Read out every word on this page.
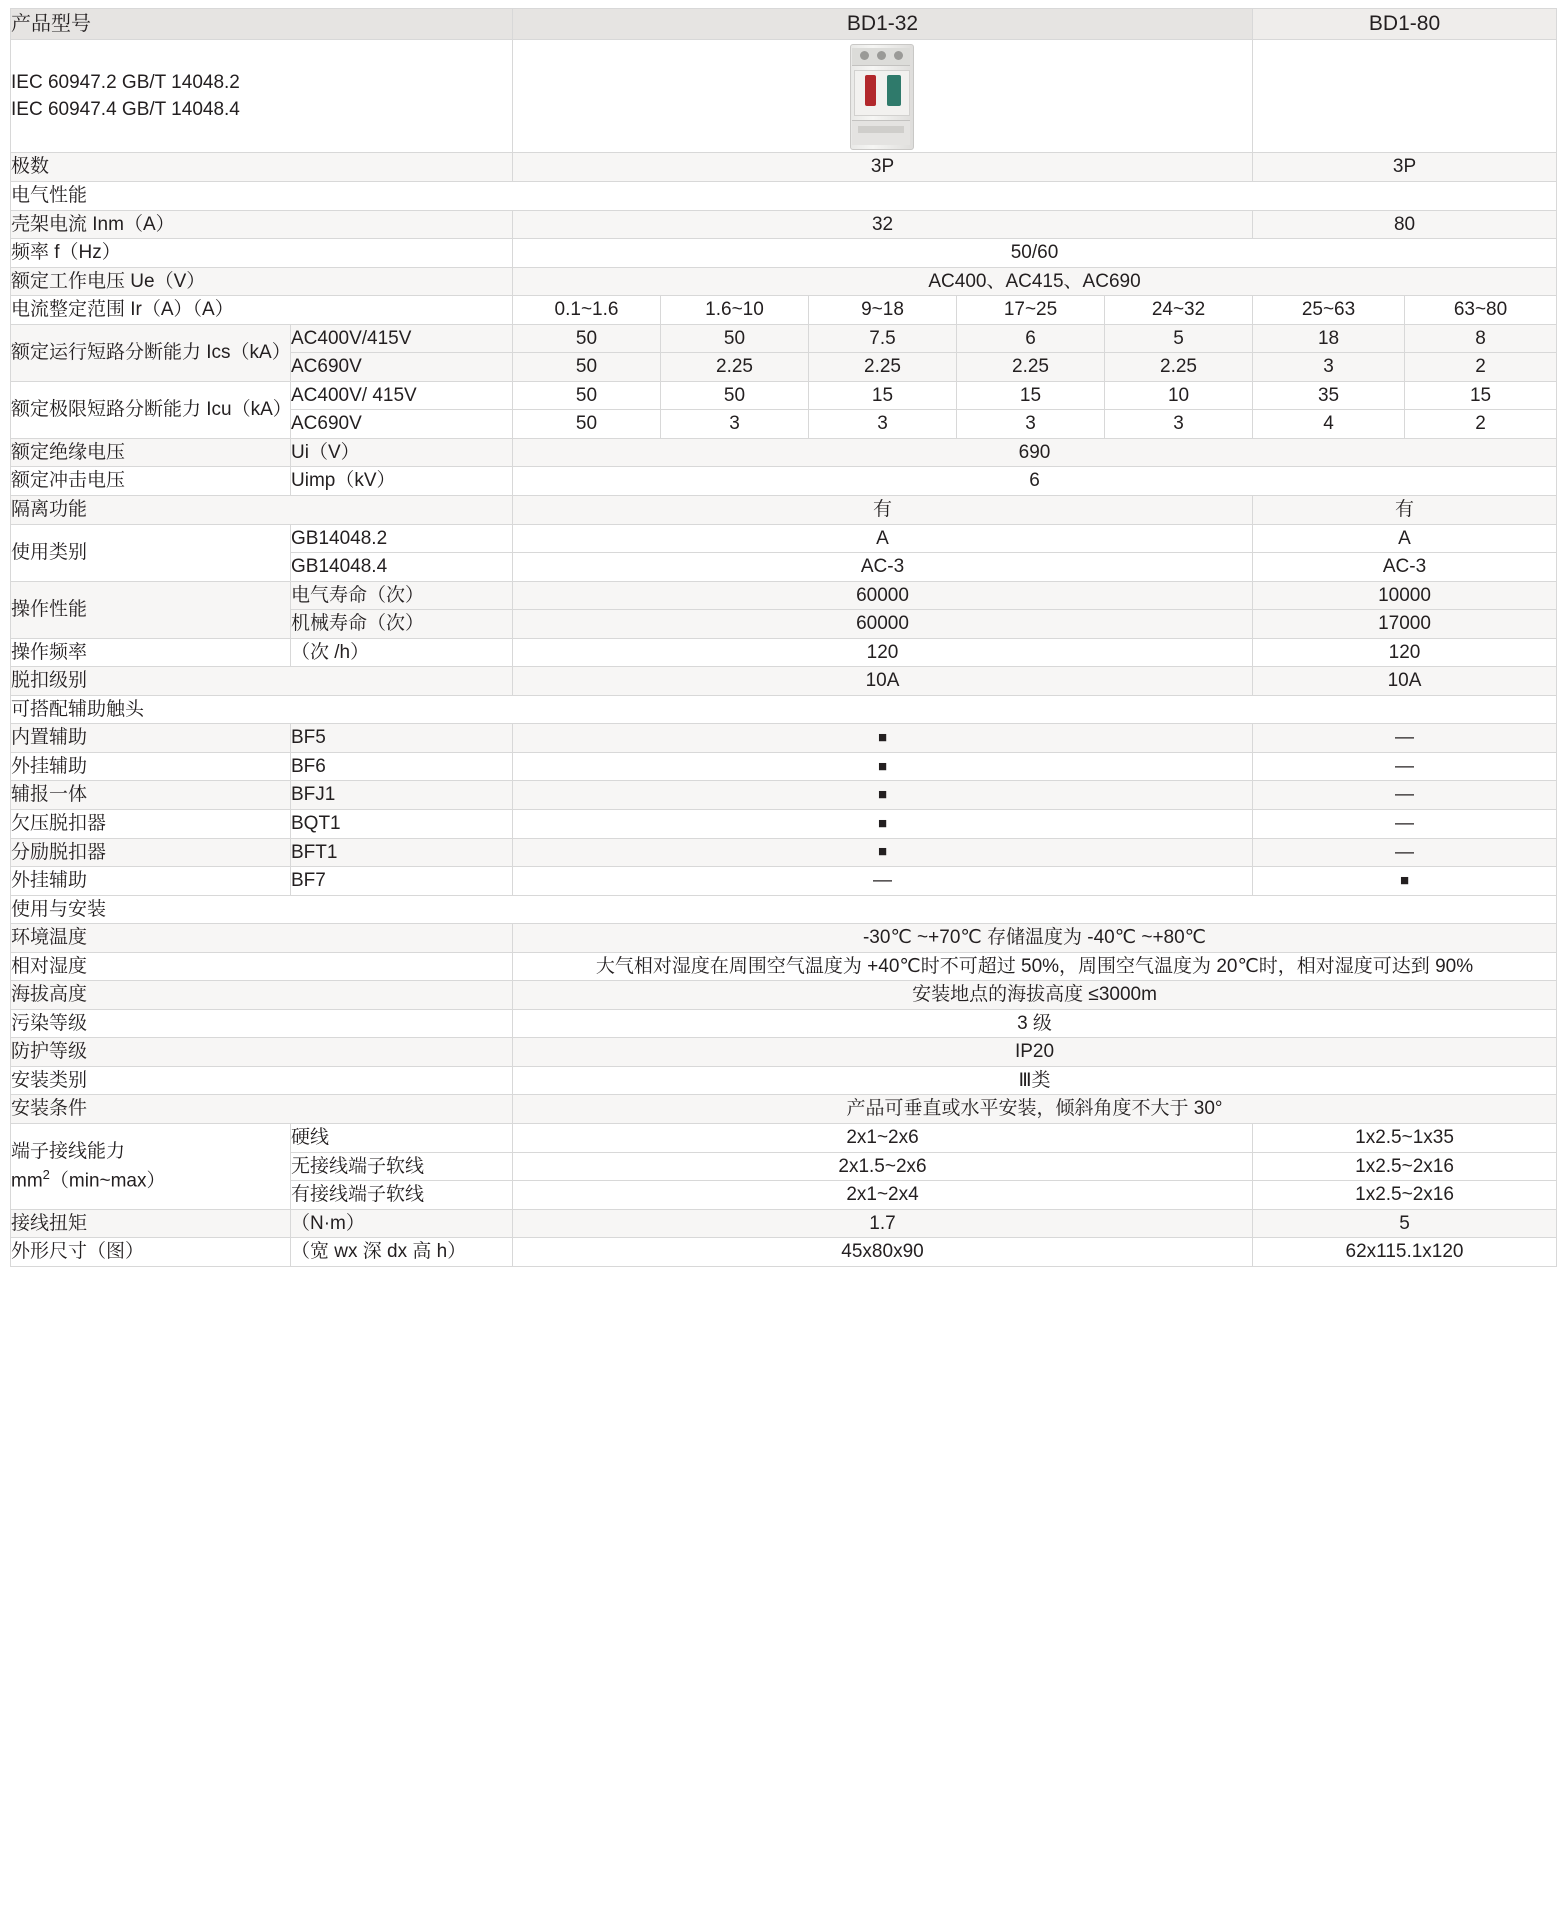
产品型号		BD1-32					BD1-80	

IEC 60947.2 GB/T 14048.2
IEC 60947.4 GB/T 14048.4								

极数		3P					3P	
电气性能								
壳架电流 Inm（A）		32					80	
频率 f（Hz）		50/60						
额定工作电压 Ue（V）		AC400、AC415、AC690						
电流整定范围 Ir（A）（A）		0.1~1.6	1.6~10	9~18	17~25	24~32	25~63	63~80
额定运行短路分断能力 Ics（kA）	AC400V/415V	50	50	7.5	6	5	18	8
	AC690V	50	2.25	2.25	2.25	2.25	3	2
额定极限短路分断能力 Icu（kA）	AC400V/ 415V	50	50	15	15	10	35	15
	AC690V	50	3	3	3	3	4	2
额定绝缘电压	Ui（V）	690						
额定冲击电压	Uimp（kV）	6						
隔离功能		有					有	
使用类别	GB14048.2	A					A	
	GB14048.4	AC-3					AC-3	
操作性能	电气寿命（次）	60000					10000	
	机械寿命（次）	60000					17000	
操作频率	（次 /h）	120					120	
脱扣级别		10A					10A	
可搭配辅助触头								
内置辅助	BF5	■					—	
外挂辅助	BF6	■					—	
辅报一体	BFJ1	■					—	
欠压脱扣器	BQT1	■					—	
分励脱扣器	BFT1	■					—	
外挂辅助	BF7	—					■	
使用与安装								
环境温度		-30℃ ~+70℃ 存储温度为 -40℃ ~+80℃						
相对湿度		大气相对湿度在周围空气温度为 +40℃时不可超过 50%，周围空气温度为 20℃时，相对湿度可达到 90%						
海拔高度		安装地点的海拔高度 ≤3000m						
污染等级		3 级						
防护等级		IP20						
安装类别		Ⅲ类						
安装条件		产品可垂直或水平安装，倾斜角度不大于 30°						

端子接线能力
$mm^2(\min\sim\max)$	硬线	2x1~2x6					1x2.5~1x35	
	无接线端子软线	2x1.5~2x6					1x2.5~2x16	
	有接线端子软线	2x1~2x4					1x2.5~2x16	
接线扭矩	（N·m）	1.7					5	
外形尺寸（图）	（宽 wx 深 dx 高 h）	45x80x90					62x115.1x120	
